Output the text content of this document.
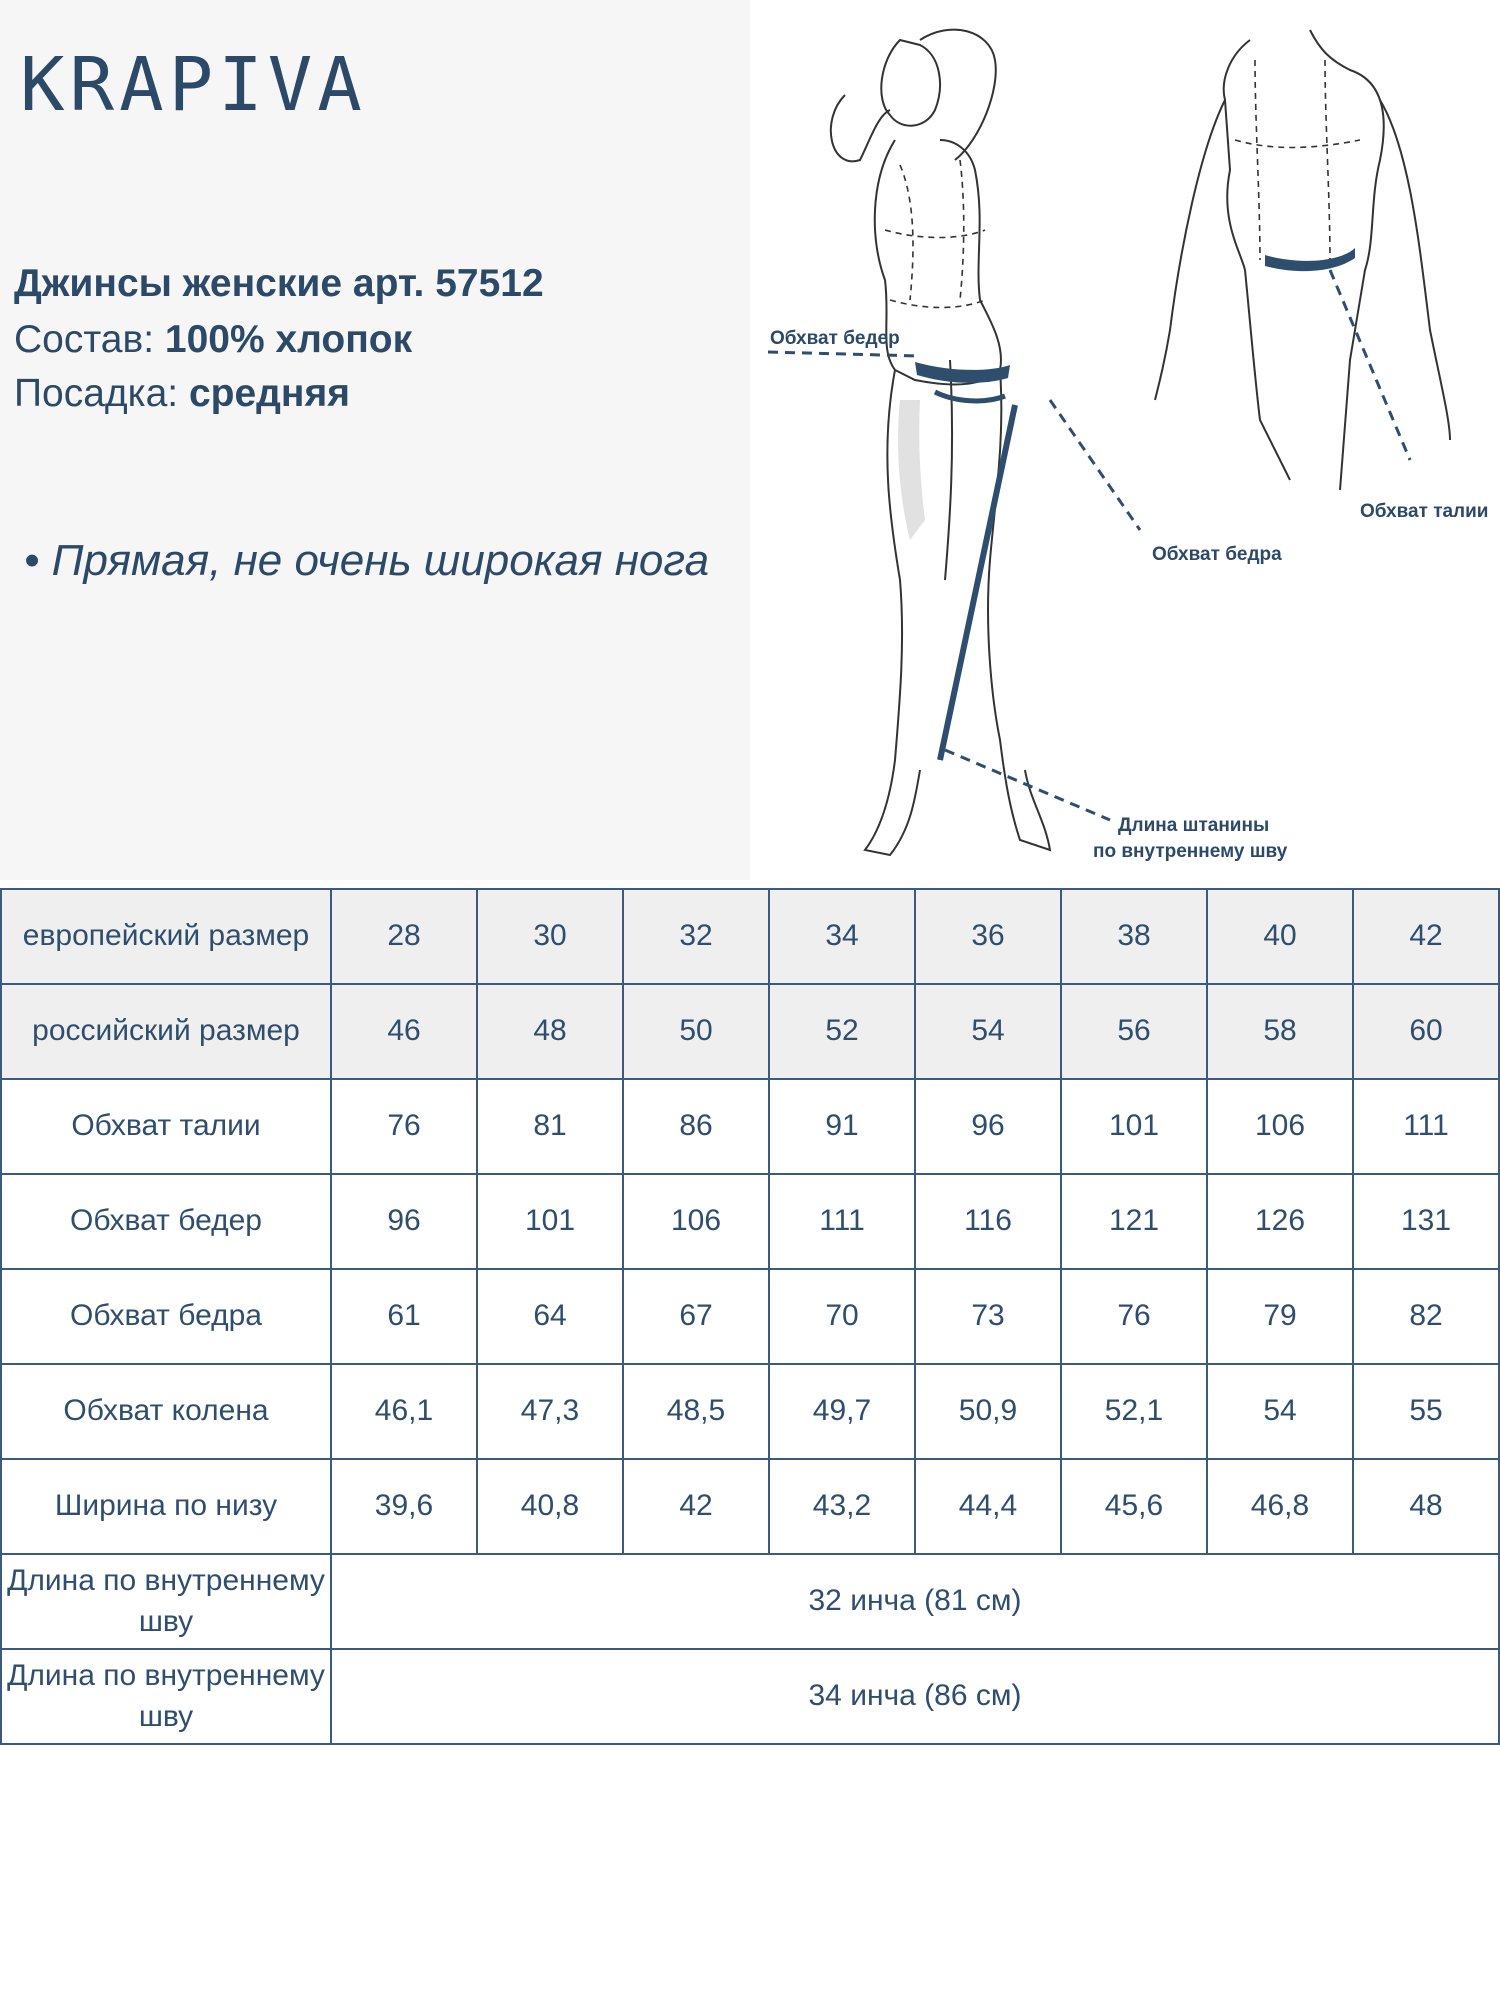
KRAPIVA
Джинсы женские арт. 57512
Состав: 100% хлопок
Посадка: средняя
• Прямая, не очень широкая нога
Обхват бедер
Обхват талии
Обхват бедра
Длина штанины
по внутреннему шву
европейский размер	28	30	32	34	36	38	40	42
российский размер	46	48	50	52	54	56	58	60
Обхват талии	76	81	86	91	96	101	106	111
Обхват бедер	96	101	106	111	116	121	126	131
Обхват бедра	61	64	67	70	73	76	79	82
Обхват колена	46,1	47,3	48,5	49,7	50,9	52,1	54	55
Ширина по низу	39,6	40,8	42	43,2	44,4	45,6	46,8	48
Длина по внутреннему шву	32 инча (81 см)							
Длина по внутреннему шву	34 инча (86 см)							
